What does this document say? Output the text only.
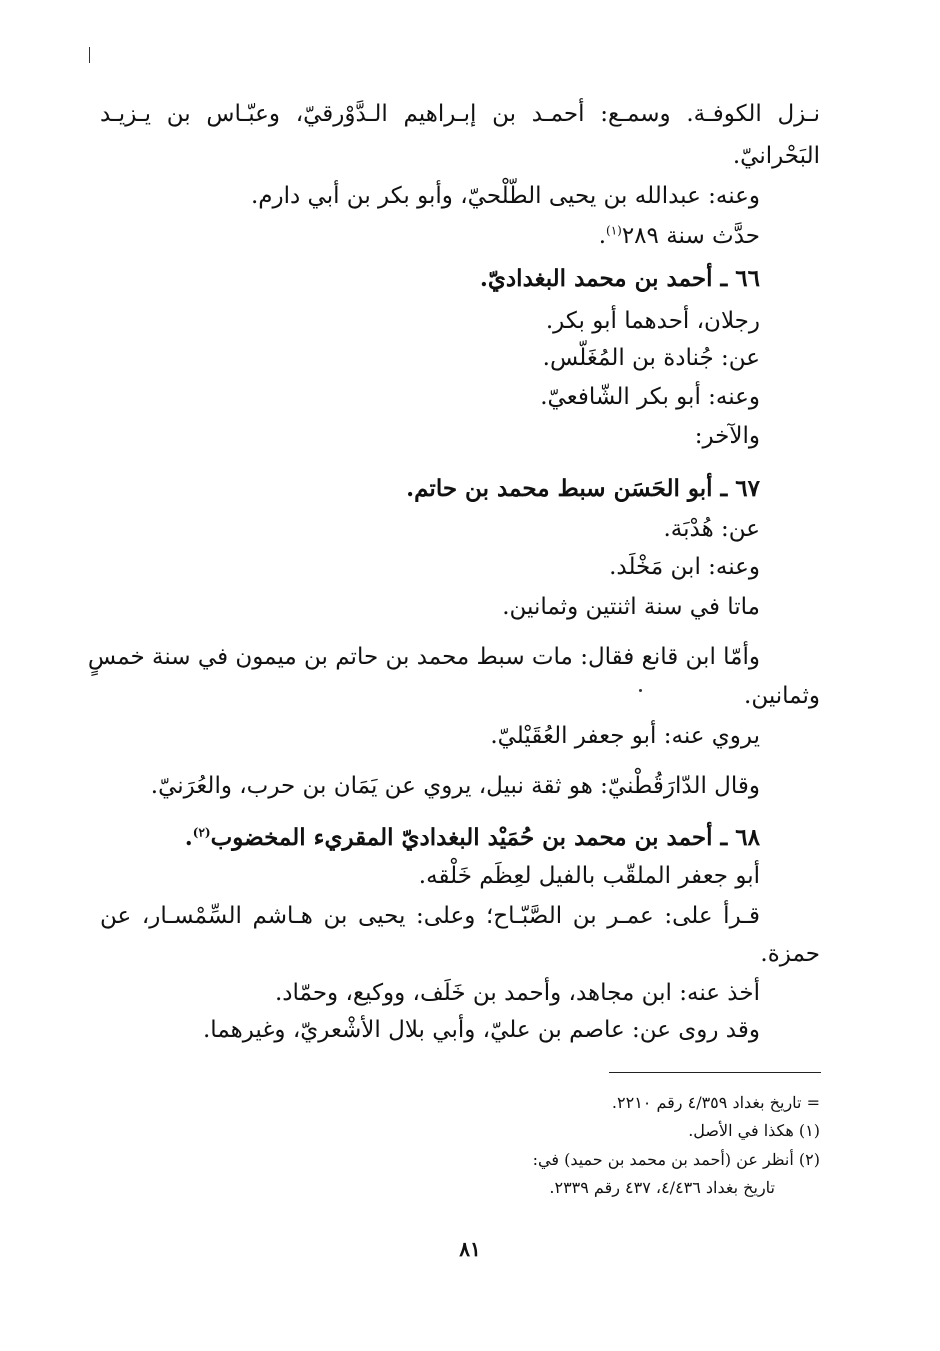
نـزل الكوفـة. وسمـع: أحمـد بن إبـراهيم الـدَّوْرقيّ، وعبّـاس بن يـزيـد
البَحْرانيّ.
وعنه: عبدالله بن يحيى الطّلْحيّ، وأبو بكر بن أبي دارم.
حدَّث سنة ٢٨٩$^{(١)}$.
٦٦ ـ أحمد بن محمد البغداديّ.
رجلان، أحدهما أبو بكر.
عن: جُنادة بن المُغَلّس.
وعنه: أبو بكر الشّافعيّ.
والآخر:
٦٧ ـ أبو الحَسَن سبط محمد بن حاتم.
عن: هُدْبَة.
وعنه: ابن مَخْلَد.
ماتا في سنة اثنتين وثمانين.
وأمّا ابن قانع فقال: مات سبط محمد بن حاتم بن ميمون في سنة خمسٍ
وثمانين.
يروي عنه: أبو جعفر العُقَيْليّ.
وقال الدّارَقُطْنيّ: هو ثقة نبيل، يروي عن يَمَان بن حرب، والعُرَنيّ.
٦٨ ـ أحمد بن محمد بن حُمَيْد البغداديّ المقريء المخضوب$^{(٢)}$.
أبو جعفر الملقّب بالفيل لعِظَم خَلْقه.
قـرأ على: عمـر بن الصَّبّـاح؛ وعلى: يحيى بن هـاشم السِّمْسـار، عن
حمزة.
أخذ عنه: ابن مجاهد، وأحمد بن خَلَف، ووكيع، وحمّاد.
وقد روى عن: عاصم بن عليّ، وأبي بلال الأشْعريّ، وغيرهما.
= تاريخ بغداد ٤/٣٥٩ رقم ٢٢١٠.
(١) هكذا في الأصل.
(٢) أنظر عن (أحمد بن محمد بن حميد) في:
تاريخ بغداد ٤/٤٣٦، ٤٣٧ رقم ٢٣٣٩.
٨١
